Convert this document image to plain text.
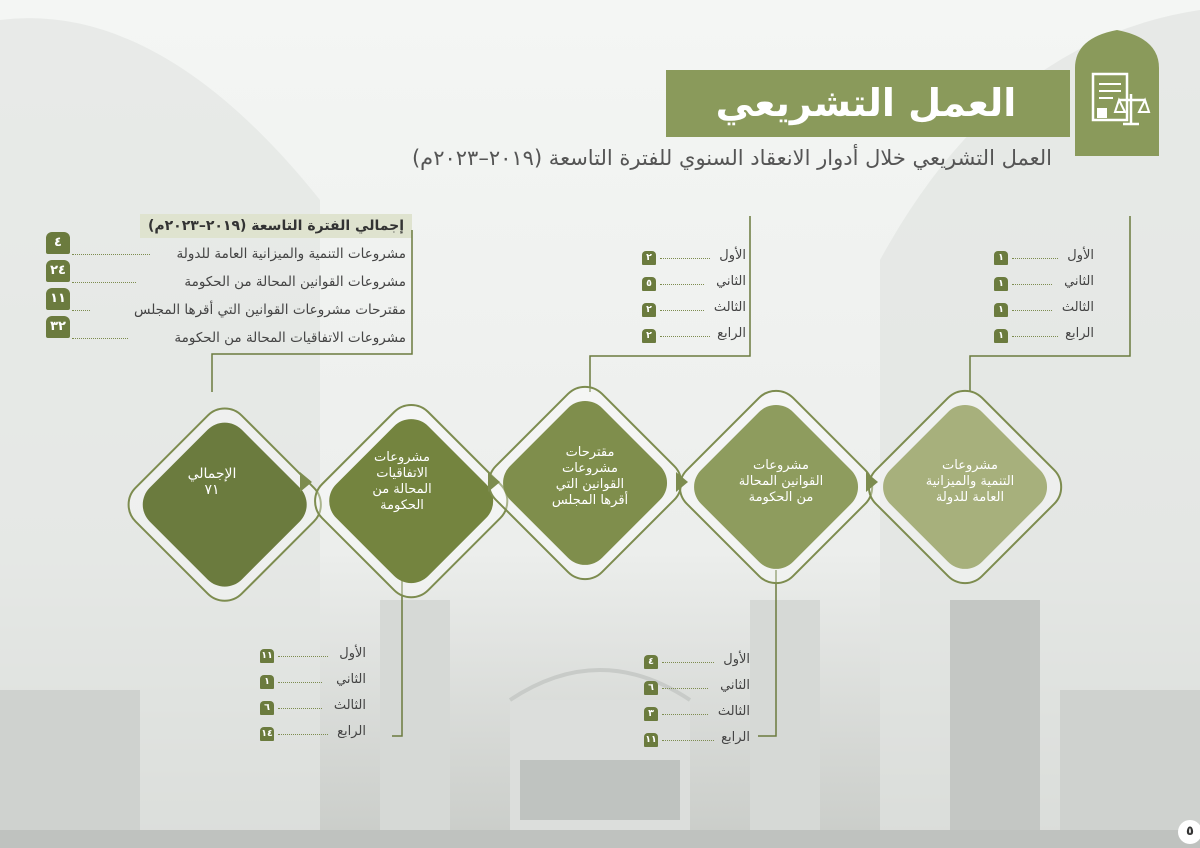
العمل التشريعي
العمل التشريعي خلال أدوار الانعقاد السنوي للفترة التاسعة (٢٠١٩–٢٠٢٣م)
إجمالي الفترة التاسعة (٢٠١٩–٢٠٢٣م)
مشروعات التنمية والميزانية العامة للدولة
مشروعات القوانين المحالة من الحكومة
مقترحات مشروعات القوانين التي أقرها المجلس
مشروعات الاتفاقيات المحالة من الحكومة
٤
٢٤
١١
٣٢
الإجمالي
٧١
مشروعات الاتفاقيات المحالة من الحكومة
مقترحات مشروعات القوانين التي أقرها المجلس
مشروعات القوانين المحالة من الحكومة
مشروعات التنمية والميزانية العامة للدولة
الأول
الثاني
الثالث
الرابع
١
١
١
١
الأول
الثاني
الثالث
الرابع
٢
٥
٢
٢
الأول
الثاني
الثالث
الرابع
٤
٦
٣
١١
الأول
الثاني
الثالث
الرابع
١١
١
٦
١٤
٥
